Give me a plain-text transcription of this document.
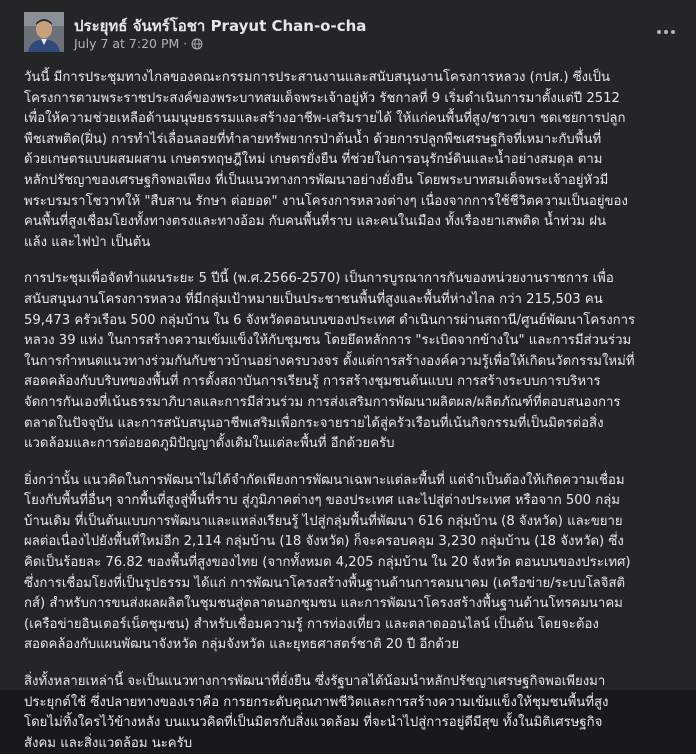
ประยุทธ์ จันทร์โอชา Prayut Chan-o-cha
July 7 at 7:20 PM ·

วันนี้ มีการประชุมทางไกลของคณะกรรมการประสานงานและสนับสนุนงานโครงการหลวง (กปส.) ซึ่งเป็น
โครงการตามพระราชประสงค์ของพระบาทสมเด็จพระเจ้าอยู่หัว รัชกาลที่ 9 เริ่มดำเนินการมาตั้งแต่ปี 2512
เพื่อให้ความช่วยเหลือด้านมนุษยธรรมและสร้างอาชีพ-เสริมรายได้ ให้แก่คนพื้นที่สูง/ชาวเขา ชดเชยการปลูก
พืชเสพติด(ฝิ่น) การทำไร่เลื่อนลอยที่ทำลายทรัพยากรป่าต้นน้ำ ด้วยการปลูกพืชเศรษฐกิจที่เหมาะกับพื้นที่
ด้วยเกษตรแบบผสมผสาน เกษตรทฤษฎีใหม่ เกษตรยั่งยืน ที่ช่วยในการอนุรักษ์ดินและน้ำอย่างสมดุล ตาม
หลักปรัชญาของเศรษฐกิจพอเพียง ที่เป็นแนวทางการพัฒนาอย่างยั่งยืน โดยพระบาทสมเด็จพระเจ้าอยู่หัวมี
พระบรมราโชวาทให้ "สืบสาน รักษา ต่อยอด" งานโครงการหลวงต่างๆ เนื่องจากการใช้ชีวิตความเป็นอยู่ของ
คนพื้นที่สูงเชื่อมโยงทั้งทางตรงและทางอ้อม กับคนพื้นที่ราบ และคนในเมือง ทั้งเรื่องยาเสพติด น้ำท่วม ฝน
แล้ง และไฟป่า เป็นต้น

การประชุมเพื่อจัดทำแผนระยะ 5 ปีนี้ (พ.ศ.2566-2570) เป็นการบูรณาการกันของหน่วยงานราชการ เพื่อ
สนับสนุนงานโครงการหลวง ที่มีกลุ่มเป้าหมายเป็นประชาชนพื้นที่สูงและพื้นที่ห่างไกล กว่า 215,503 คน
59,473 ครัวเรือน 500 กลุ่มบ้าน ใน 6 จังหวัดตอนบนของประเทศ ดำเนินการผ่านสถานี/ศูนย์พัฒนาโครงการ
หลวง 39 แห่ง ในการสร้างความเข้มแข็งให้กับชุมชน โดยยึดหลักการ "ระเบิดจากข้างใน" และการมีส่วนร่วม
ในการกำหนดแนวทางร่วมกันกับชาวบ้านอย่างครบวงจร ตั้งแต่การสร้างองค์ความรู้เพื่อให้เกิดนวัตกรรมใหม่ที่
สอดคล้องกับบริบทของพื้นที่ การตั้งสถาบันการเรียนรู้ การสร้างชุมชนต้นแบบ การสร้างระบบการบริหาร
จัดการกันเองที่เน้นธรรมาภิบาลและการมีส่วนร่วม การส่งเสริมการพัฒนาผลิตผล/ผลิตภัณฑ์ที่ตอบสนองการ
ตลาดในปัจจุบัน และการสนับสนุนอาชีพเสริมเพื่อกระจายรายได้สู่ครัวเรือนที่เน้นกิจกรรมที่เป็นมิตรต่อสิ่ง
แวดล้อมและการต่อยอดภูมิปัญญาดั้งเดิมในแต่ละพื้นที่ อีกด้วยครับ

ยิ่งกว่านั้น แนวคิดในการพัฒนาไม่ได้จำกัดเพียงการพัฒนาเฉพาะแต่ละพื้นที่ แต่จำเป็นต้องให้เกิดความเชื่อม
โยงกับพื้นที่อื่นๆ จากพื้นที่สูงสู่พื้นที่ราบ สู่ภูมิภาคต่างๆ ของประเทศ และไปสู่ต่างประเทศ หรือจาก 500 กลุ่ม
บ้านเดิม ที่เป็นต้นแบบการพัฒนาและแหล่งเรียนรู้ ไปสู่กลุ่มพื้นที่พัฒนา 616 กลุ่มบ้าน (8 จังหวัด) และขยาย
ผลต่อเนื่องไปยังพื้นที่ใหม่อีก 2,114 กลุ่มบ้าน (18 จังหวัด) ก็จะครอบคลุม 3,230 กลุ่มบ้าน (18 จังหวัด) ซึ่ง
คิดเป็นร้อยละ 76.82 ของพื้นที่สูงของไทย (จากทั้งหมด 4,205 กลุ่มบ้าน ใน 20 จังหวัด ตอนบนของประเทศ)
ซึ่งการเชื่อมโยงที่เป็นรูปธรรม ได้แก่ การพัฒนาโครงสร้างพื้นฐานด้านการคมนาคม (เครือข่าย/ระบบโลจิสติ
กส์) สำหรับการขนส่งผลผลิตในชุมชนสู่ตลาดนอกชุมชน และการพัฒนาโครงสร้างพื้นฐานด้านโทรคมนาคม
(เครือข่ายอินเตอร์เน็ตชุมชน) สำหรับเชื่อมความรู้ การท่องเที่ยว และตลาดออนไลน์ เป็นต้น โดยจะต้อง
สอดคล้องกับแผนพัฒนาจังหวัด กลุ่มจังหวัด และยุทธศาสตร์ชาติ 20 ปี อีกด้วย

สิ่งทั้งหลายเหล่านี้ จะเป็นแนวทางการพัฒนาที่ยั่งยืน ซึ่งรัฐบาลได้น้อมนำหลักปรัชญาเศรษฐกิจพอเพียงมา
ประยุกต์ใช้ ซึ่งปลายทางของเราคือ การยกระดับคุณภาพชีวิตและการสร้างความเข้มแข็งให้ชุมชนพื้นที่สูง
โดยไม่ทิ้งใครไว้ข้างหลัง บนแนวคิดที่เป็นมิตรกับสิ่งแวดล้อม ที่จะนำไปสู่การอยู่ดีมีสุข ทั้งในมิติเศรษฐกิจ
สังคม และสิ่งแวดล้อม นะครับ
